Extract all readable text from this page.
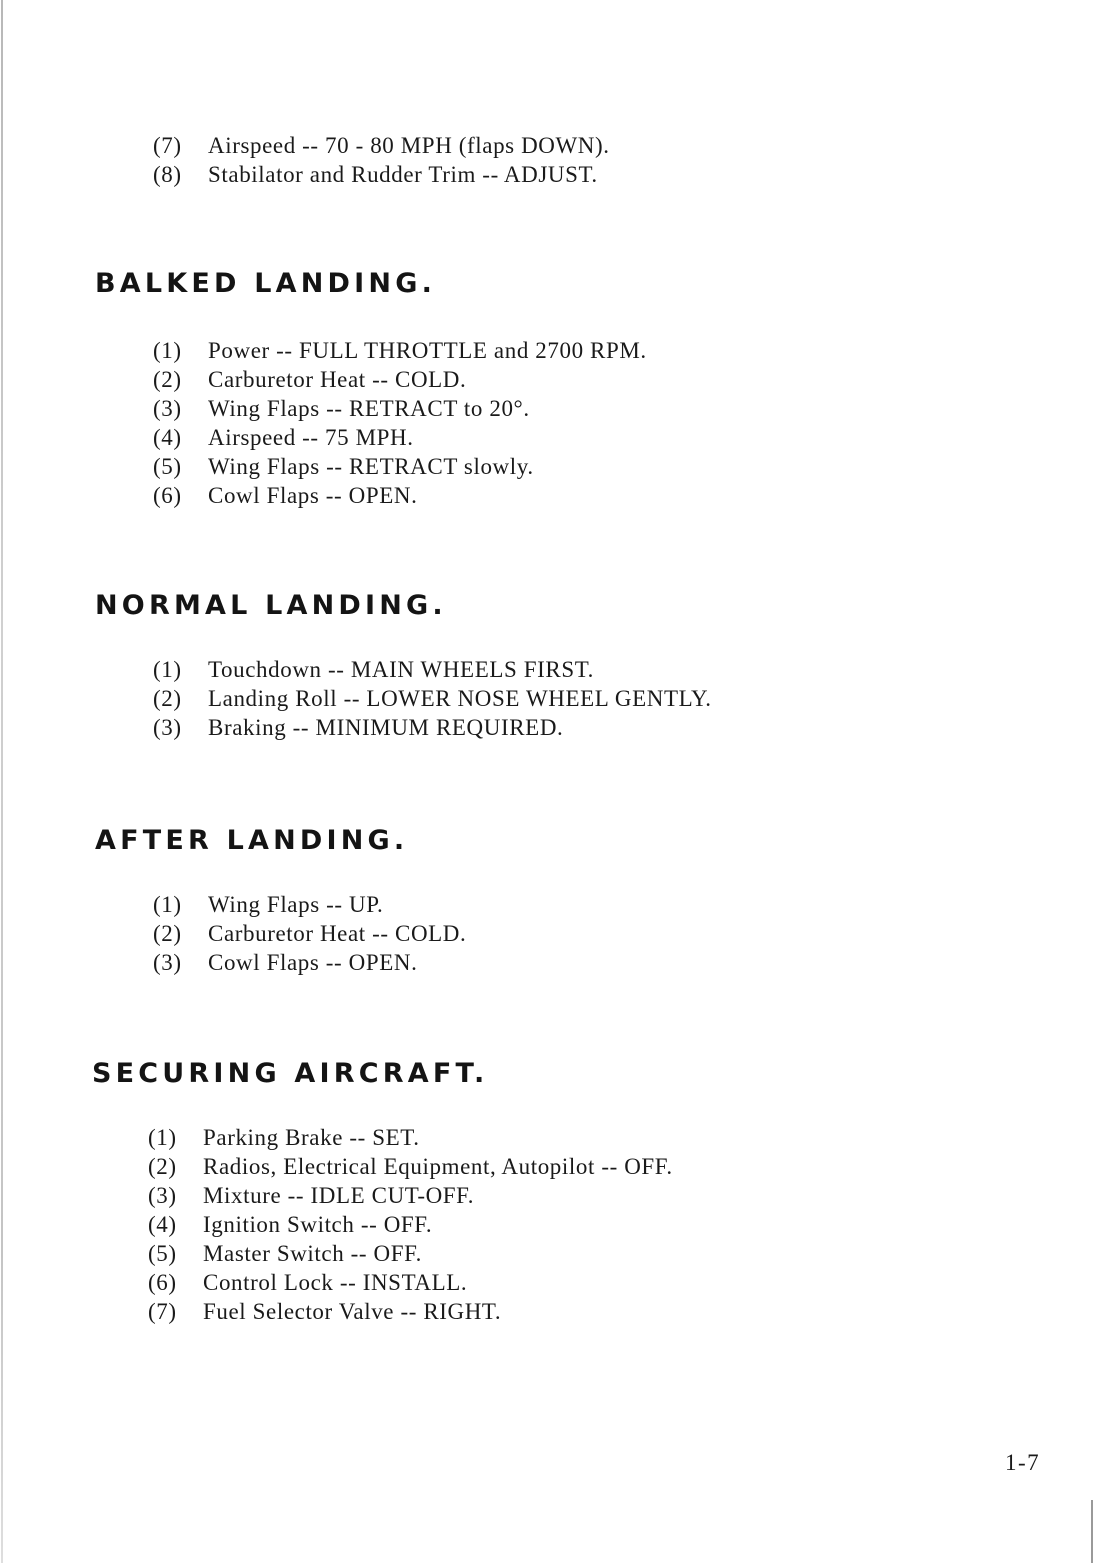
(7) Airspeed -- 70 - 80 MPH (flaps DOWN).
(8) Stabilator and Rudder Trim -- ADJUST.
BALKED LANDING.
(1) Power -- FULL THROTTLE and 2700 RPM.
(2) Carburetor Heat -- COLD.
(3) Wing Flaps -- RETRACT to 20°.
(4) Airspeed -- 75 MPH.
(5) Wing Flaps -- RETRACT slowly.
(6) Cowl Flaps -- OPEN.
NORMAL LANDING.
(1) Touchdown -- MAIN WHEELS FIRST.
(2) Landing Roll -- LOWER NOSE WHEEL GENTLY.
(3) Braking -- MINIMUM REQUIRED.
AFTER LANDING.
(1) Wing Flaps -- UP.
(2) Carburetor Heat -- COLD.
(3) Cowl Flaps -- OPEN.
SECURING AIRCRAFT.
(1) Parking Brake -- SET.
(2) Radios, Electrical Equipment, Autopilot -- OFF.
(3) Mixture -- IDLE CUT-OFF.
(4) Ignition Switch -- OFF.
(5) Master Switch -- OFF.
(6) Control Lock -- INSTALL.
(7) Fuel Selector Valve -- RIGHT.
1-7
